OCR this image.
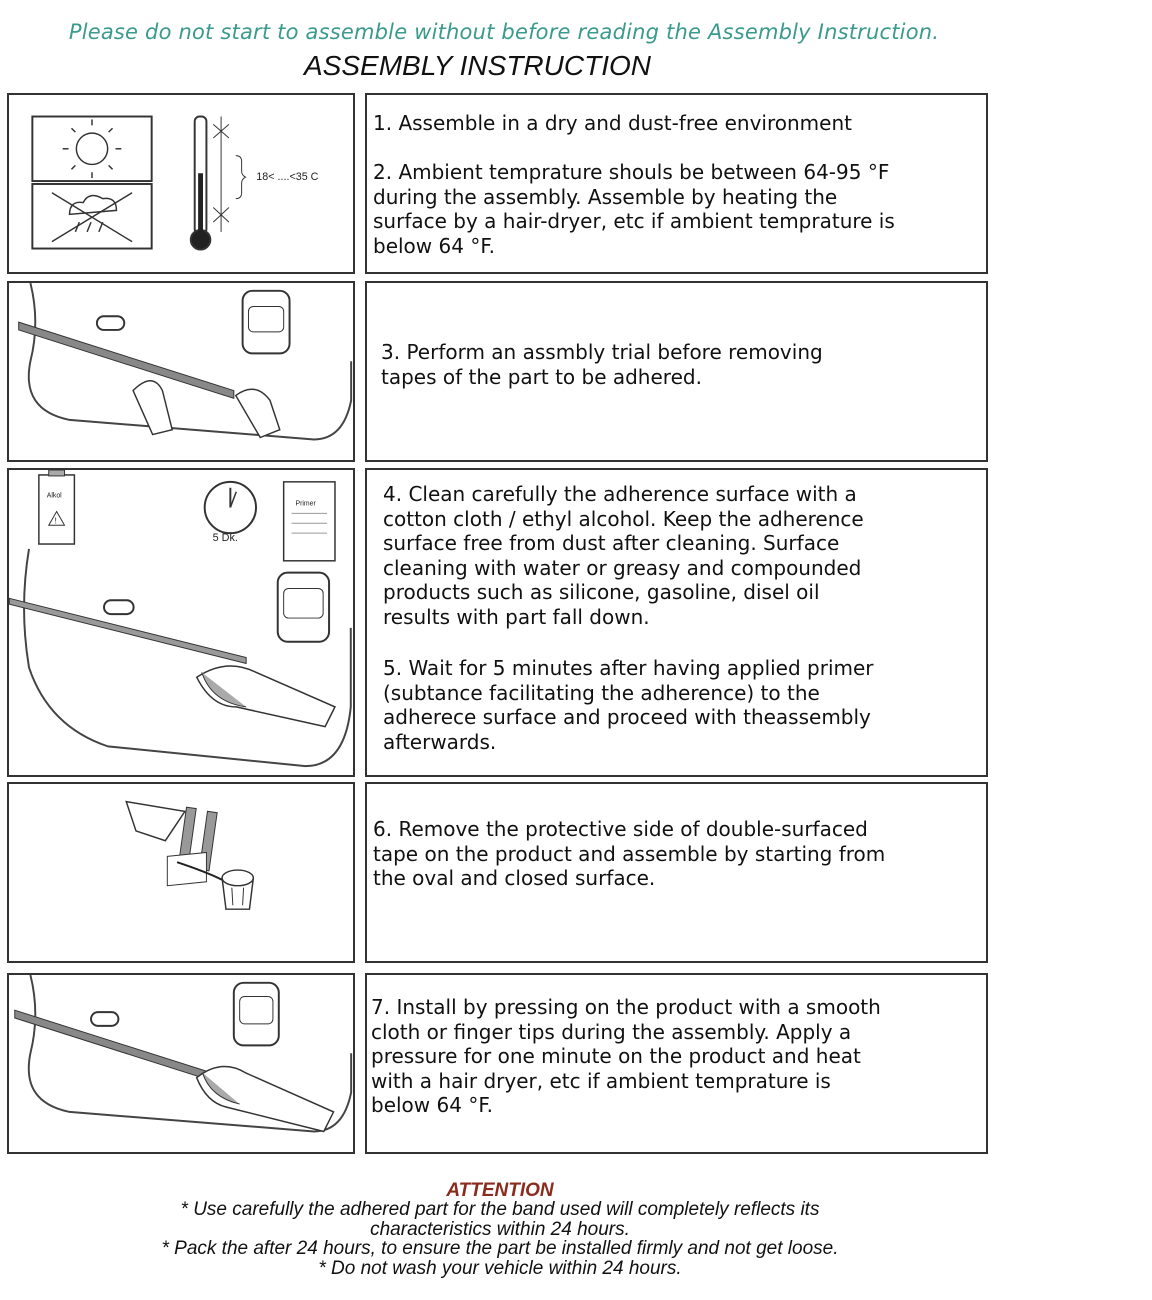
Please do not start to assemble without before reading the Assembly Instruction.
ASSEMBLY INSTRUCTION
18< ....<35 C
1. Assemble in a dry and dust-free environment
2. Ambient temprature shouls be between 64-95 °F
during the assembly. Assemble by heating the
surface by a hair-dryer, etc if ambient temprature is
below 64 °F.
3. Perform an assmbly trial before removing
tapes of the part to be adhered.
Alkol
!
5 Dk.
Primer	4. Clean carefully the adherence surface with a
cotton cloth / ethyl alcohol. Keep the adherence
surface free from dust after cleaning. Surface
cleaning with water or greasy and compounded
products such as silicone, gasoline, disel oil
results with part fall down.
5. Wait for 5 minutes after having applied primer
(subtance facilitating the adherence) to the
adherece surface and proceed with theassembly
afterwards.
6. Remove the protective side of double-surfaced
tape on the product and assemble by starting from
the oval and closed surface.
7. Install by pressing on the product with a smooth
cloth or finger tips during the assembly. Apply a
pressure for one minute on the product and heat
with a hair dryer, etc if ambient temprature is
below 64 °F.
ATTENTION
* Use carefully the adhered part for the band used will completely reflects its
characteristics within 24 hours.
* Pack the after 24 hours, to ensure the part be installed firmly and not get loose.
* Do not wash your vehicle within 24 hours.
